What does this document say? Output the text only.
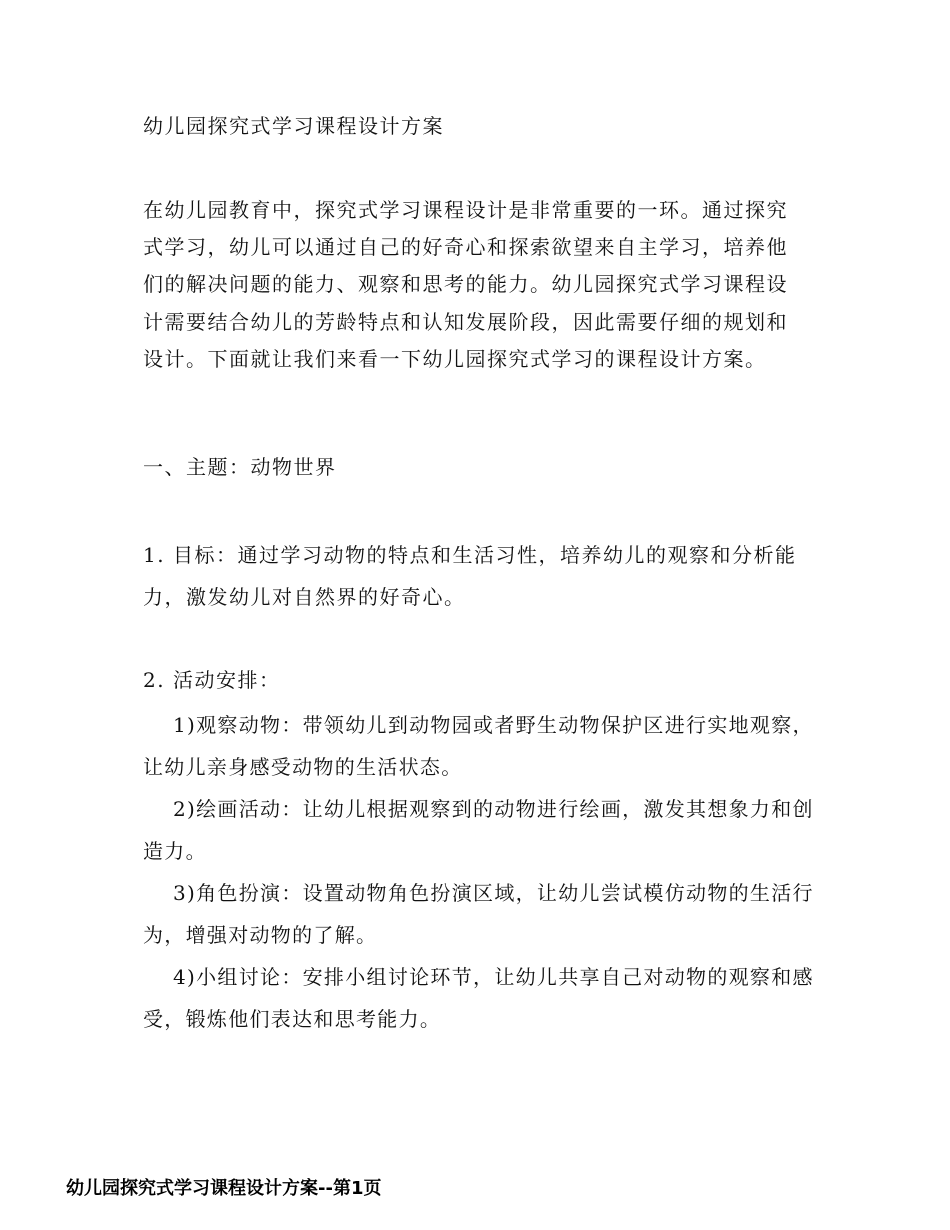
幼儿园探究式学习课程设计方案
在幼儿园教育中，探究式学习课程设计是非常重要的一环。通过探究式学习，幼儿可以通过自己的好奇心和探索欲望来自主学习，培养他们的解决问题的能力、观察和思考的能力。幼儿园探究式学习课程设计需要结合幼儿的芳龄特点和认知发展阶段，因此需要仔细的规划和设计。下面就让我们来看一下幼儿园探究式学习的课程设计方案。
一、主题：动物世界
1. 目标：通过学习动物的特点和生活习性，培养幼儿的观察和分析能力，激发幼儿对自然界的好奇心。
2. 活动安排：

1)观察动物：带领幼儿到动物园或者野生动物保护区进行实地观察，让幼儿亲身感受动物的生活状态。

2)绘画活动：让幼儿根据观察到的动物进行绘画，激发其想象力和创造力。

3)角色扮演：设置动物角色扮演区域，让幼儿尝试模仿动物的生活行为，增强对动物的了解。

4)小组讨论：安排小组讨论环节，让幼儿共享自己对动物的观察和感受，锻炼他们表达和思考能力。

幼儿园探究式学习课程设计方案--第1页
